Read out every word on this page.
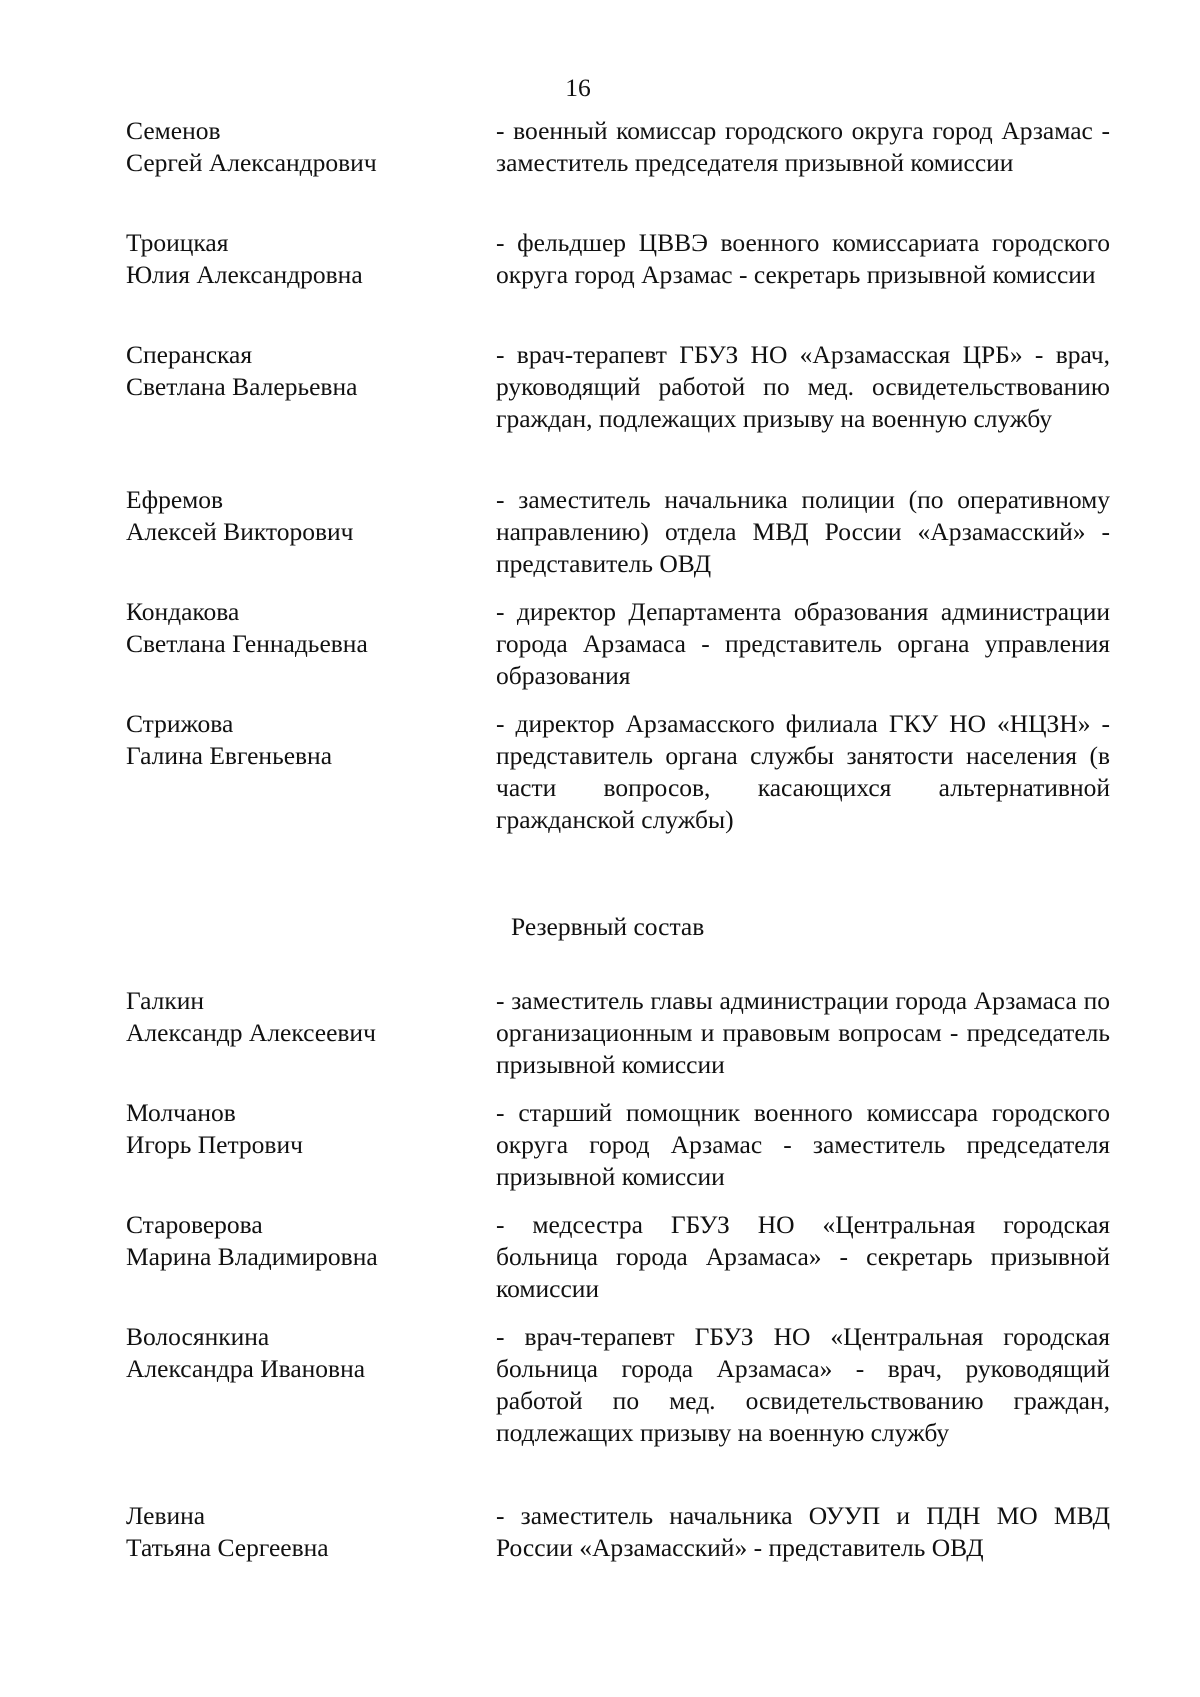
16
Семенов
Сергей Александрович
- военный комиссар городского округа город Арзамас - заместитель председателя призывной комиссии
Троицкая
Юлия Александровна
- фельдшер ЦВВЭ военного комиссариата городского округа город Арзамас - секретарь призывной комиссии
Сперанская
Светлана Валерьевна
- врач-терапевт ГБУЗ НО «Арзамасская ЦРБ» - врач, руководящий работой по мед. освидетельствованию граждан, подлежащих призыву на военную службу
Ефремов
Алексей Викторович
- заместитель начальника полиции (по оперативному направлению) отдела МВД России «Арзамасский» - представитель ОВД
Кондакова
Светлана Геннадьевна
- директор Департамента образования администрации города Арзамаса - представитель органа управления образования
Стрижова
Галина Евгеньевна
- директор Арзамасского филиала ГКУ НО «НЦЗН» - представитель органа службы занятости населения (в части вопросов, касающихся альтернативной гражданской службы)
Резервный состав
Галкин
Александр Алексеевич
- заместитель главы администрации города Арзамаса по организационным и правовым вопросам - председатель призывной комиссии
Молчанов
Игорь Петрович
- старший помощник военного комиссара городского округа город Арзамас - заместитель председателя призывной комиссии
Староверова
Марина Владимировна
- медсестра ГБУЗ НО «Центральная городская больница города Арзамаса» - секретарь призывной комиссии
Волосянкина
Александра Ивановна
- врач-терапевт ГБУЗ НО «Центральная городская больница города Арзамаса» - врач, руководящий работой по мед. освидетельствованию граждан, подлежащих призыву на военную службу
Левина
Татьяна Сергеевна
- заместитель начальника ОУУП и ПДН МО МВД России «Арзамасский» - представитель ОВД
